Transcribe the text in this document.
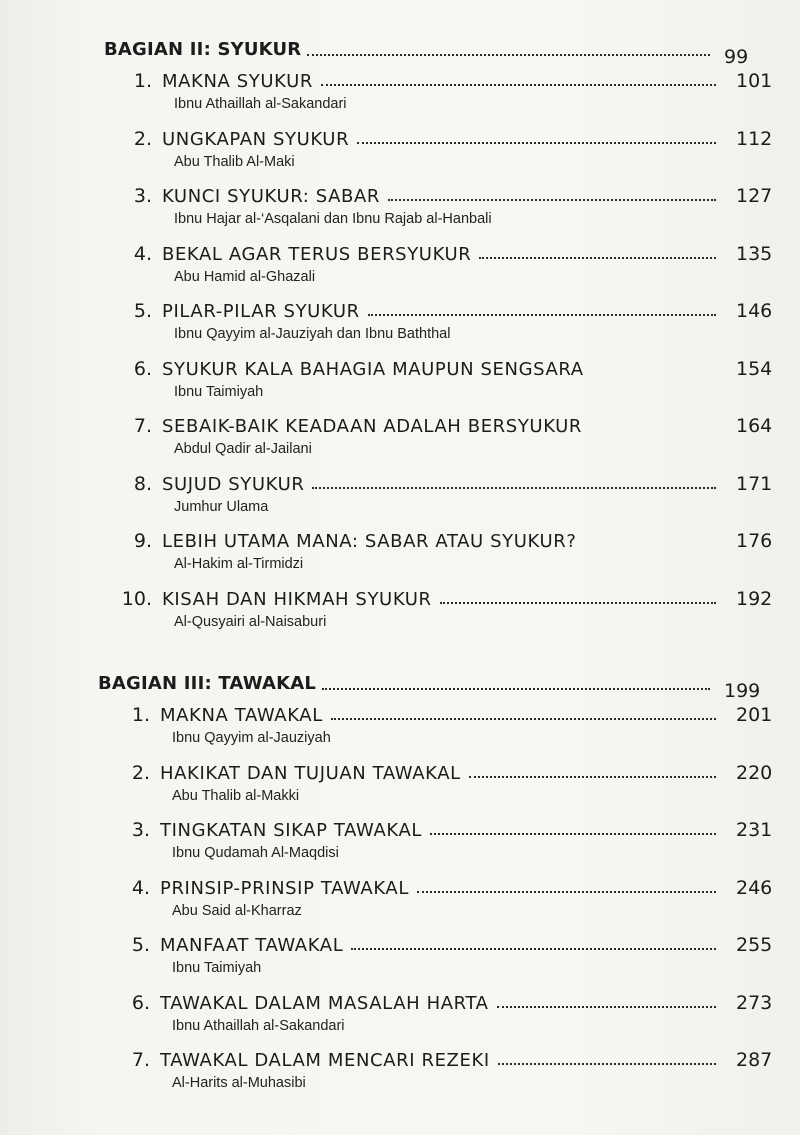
BAGIAN II: SYUKUR	99
1. MAKNA SYUKUR	101
Ibnu Athaillah al-Sakandari
2. UNGKAPAN SYUKUR	112
Abu Thalib Al-Maki
3. KUNCI SYUKUR: SABAR	127
Ibnu Hajar al-‘Asqalani dan Ibnu Rajab al-Hanbali
4. BEKAL AGAR TERUS BERSYUKUR	135
Abu Hamid al-Ghazali
5. PILAR-PILAR SYUKUR	146
Ibnu Qayyim al-Jauziyah dan Ibnu Baththal
6. SYUKUR KALA BAHAGIA MAUPUN SENGSARA	154
Ibnu Taimiyah
7. SEBAIK-BAIK KEADAAN ADALAH BERSYUKUR	164
Abdul Qadir al-Jailani
8. SUJUD SYUKUR	171
Jumhur Ulama
9. LEBIH UTAMA MANA: SABAR ATAU SYUKUR?	176
Al-Hakim al-Tirmidzi
10. KISAH DAN HIKMAH SYUKUR	192
Al-Qusyairi al-Naisaburi
BAGIAN III: TAWAKAL	199
1. MAKNA TAWAKAL	201
Ibnu Qayyim al-Jauziyah
2. HAKIKAT DAN TUJUAN TAWAKAL	220
Abu Thalib al-Makki
3. TINGKATAN SIKAP TAWAKAL	231
Ibnu Qudamah Al-Maqdisi
4. PRINSIP-PRINSIP TAWAKAL	246
Abu Said al-Kharraz
5. MANFAAT TAWAKAL	255
Ibnu Taimiyah
6. TAWAKAL DALAM MASALAH HARTA	273
Ibnu Athaillah al-Sakandari
7. TAWAKAL DALAM MENCARI REZEKI	287
Al-Harits al-Muhasibi
